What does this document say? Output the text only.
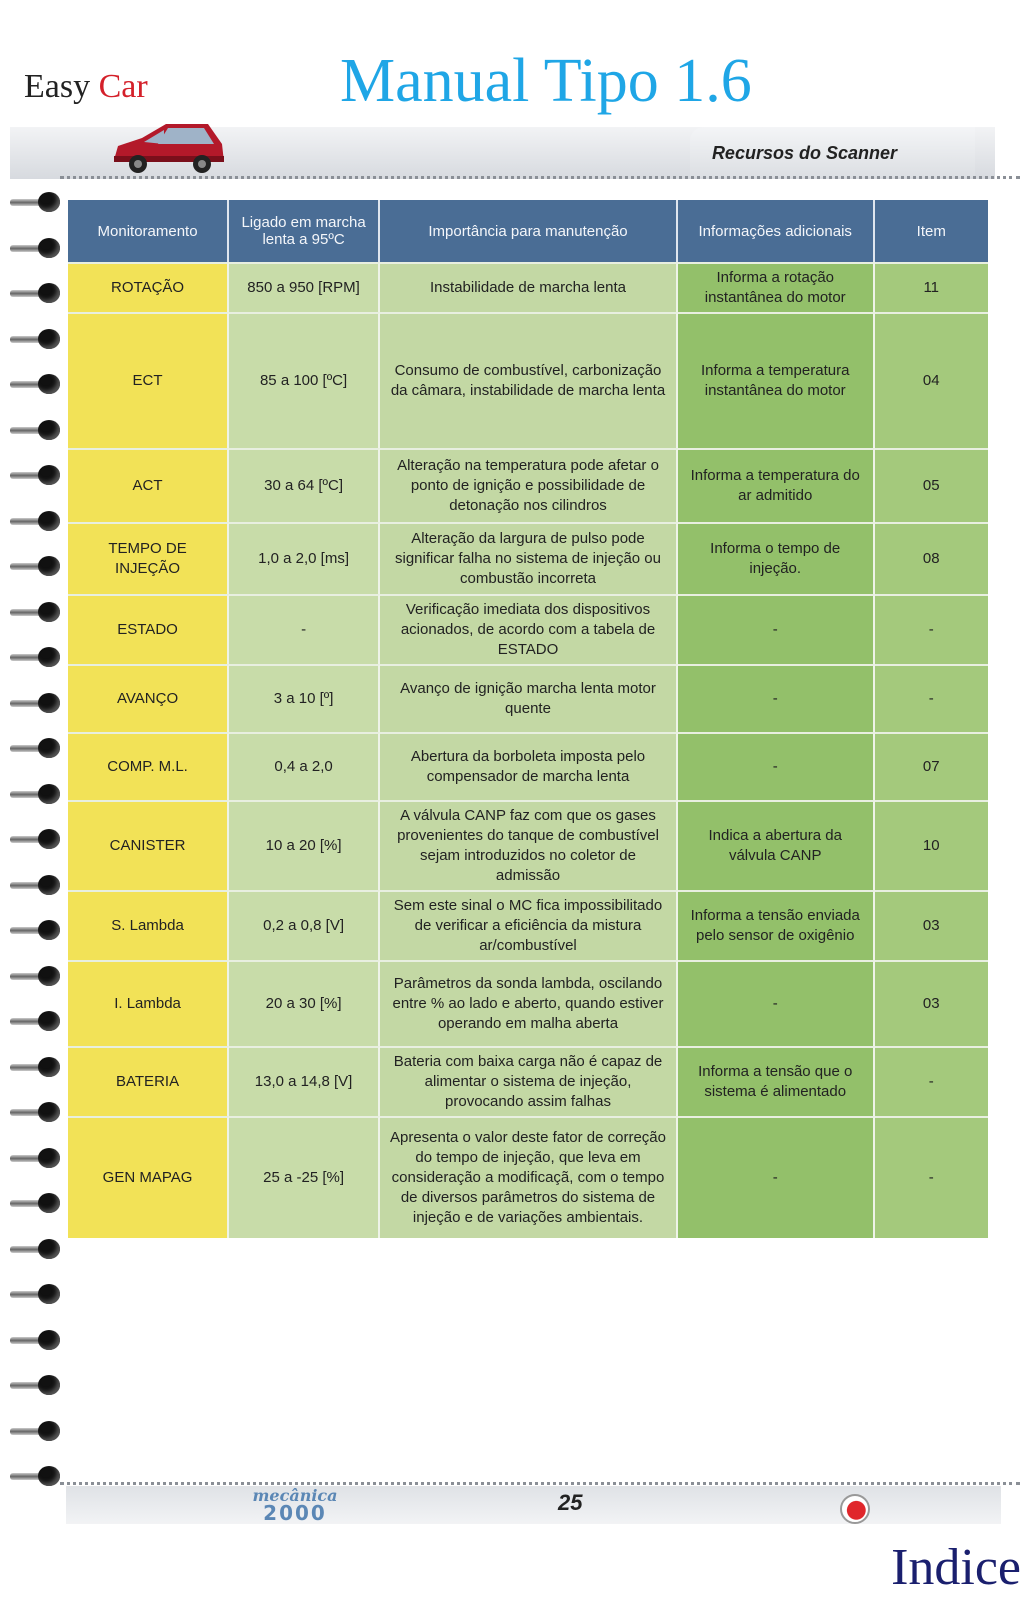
Easy Car	Manual Tipo 1.6
Recursos do Scanner
Monitoramento	Ligado em marcha lenta a 95ºC	Importância para manutenção	Informações adicionais	Item
ROTAÇÃO	850 a 950 [RPM]	Instabilidade de marcha lenta	Informa a rotação instantânea do motor	11
ECT	85 a 100 [ºC]	Consumo de combustível, carbonização da câmara, instabilidade de marcha lenta	Informa a temperatura instantânea do motor	04
ACT	30 a 64 [ºC]	Alteração na temperatura pode afetar o ponto de ignição e possibilidade de detonação nos cilindros	Informa a temperatura do ar admitido	05
TEMPO DE INJEÇÃO	1,0 a 2,0 [ms]	Alteração da largura de pulso pode significar falha no sistema de injeção ou combustão incorreta	Informa o tempo de injeção.	08
ESTADO	-	Verificação imediata dos dispositivos acionados, de acordo com a tabela de ESTADO	-	-
AVANÇO	3 a 10 [º]	Avanço de ignição marcha lenta motor quente	-	-
COMP. M.L.	0,4 a 2,0	Abertura da borboleta imposta pelo compensador de marcha lenta	-	07
CANISTER	10 a 20 [%]	A válvula CANP faz com que os gases provenientes do tanque de combustível sejam introduzidos no coletor de admissão	Indica a abertura da válvula CANP	10
S. Lambda	0,2 a 0,8 [V]	Sem este sinal o MC fica impossibilitado de verificar a eficiência da mistura ar/combustível	Informa a tensão enviada pelo sensor de oxigênio	03
I. Lambda	20 a 30 [%]	Parâmetros da sonda lambda, oscilando entre % ao lado e aberto, quando estiver operando em malha aberta	-	03
BATERIA	13,0 a 14,8 [V]	Bateria com baixa carga não é capaz de alimentar o sistema de injeção, provocando assim falhas	Informa a tensão que o sistema é alimentado	-
GEN MAPAG	25 a -25 [%]	Apresenta o valor deste fator de correção do tempo de injeção, que leva em consideração a modificaçã, com o tempo de diversos parâmetros do sistema de injeção e de variações ambientais.	-	-
mecânica
2000	25
Indice
